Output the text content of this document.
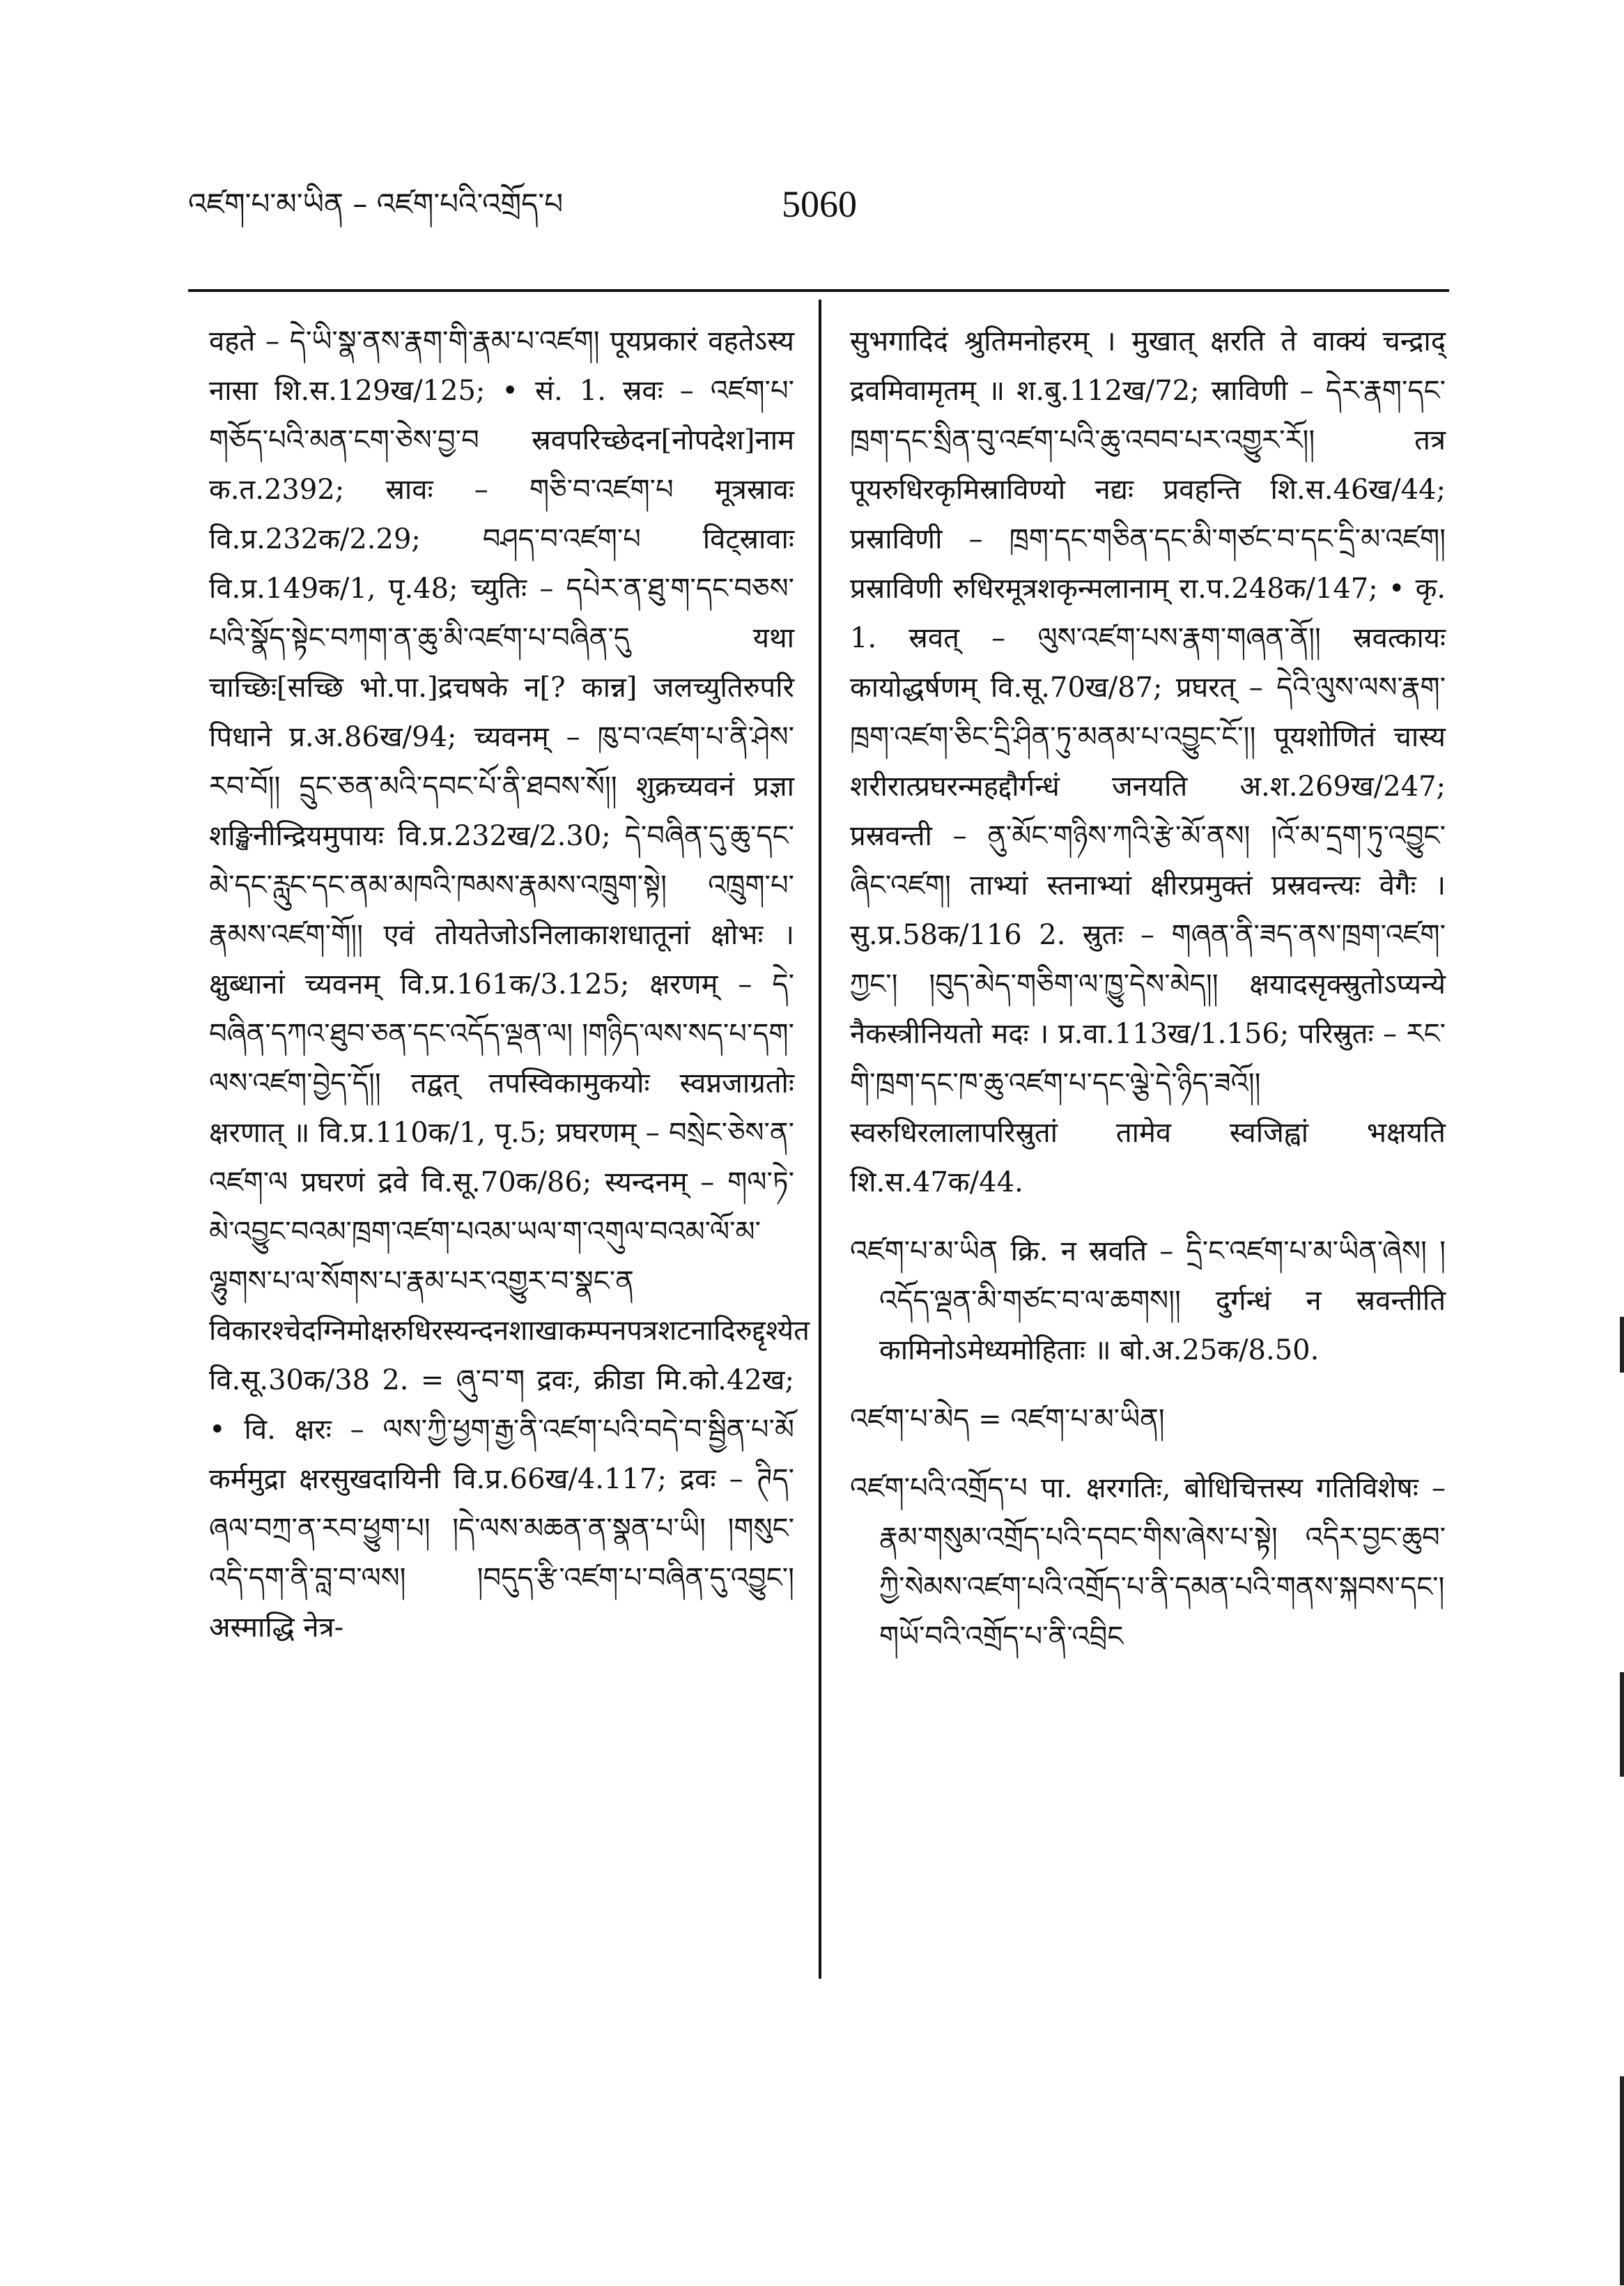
འཛག་པ་མ་ཡིན – འཛག་པའི་འགྲོད་པ	5060

वहते – དེ་ཡི་སྣ་ནས་རྣག་གི་རྣམ་པ་འཛག། पूयप्रकारं वहतेऽस्य नासा शि.स.129ख/125; • सं. 1. स्रवः – འཛག་པ་གཅོད་པའི་མན་ངག་ཅེས་བྱ་བ स्रवपरिच्छेदन[नोपदेश]नाम क.त.2392; स्रावः – གཅི་བ་འཛག་པ मूत्रस्रावः वि.प्र.232क/2.29; བཤད་བ་འཛག་པ विट्स्रावाः वि.प्र.149क/1, पृ.48; च्युतिः – དཔེར་ན་ཐུ་ག་དང་བཅས་པའི་སྣོད་སྟེང་བཀག་ན་ཆུ་མི་འཛག་པ་བཞིན་དུ यथा चाच्छिः[सच्छि भो.पा.]द्रचषके न[? कान्न] जलच्युतिरुपरि पिधाने प्र.अ.86ख/94; च्यवनम् – ཁུ་བ་འཛག་པ་ནི་ཤེས་རབ་བོ།། དྲུང་ཅན་མའི་དབང་པོ་ནི་ཐབས་སོ།། शुक्रच्यवनं प्रज्ञा शङ्खिनीन्द्रियमुपायः वि.प्र.232ख/2.30; དེ་བཞིན་དུ་ཆུ་དང་མེ་དང་རླུང་དང་ནམ་མཁའི་ཁམས་རྣམས་འཁྲུག་སྟེ། འཁྲུག་པ་རྣམས་འཛག་གོ།། एवं तोयतेजोऽनिलाकाशधातूनां क्षोभः । क्षुब्धानां च्यवनम् वि.प्र.161क/3.125; क्षरणम् – དེ་བཞིན་དཀའ་ཐུབ་ཅན་དང་འདོད་ལྡན་ལ། །གཉིད་ལས་སད་པ་དག་ལས་འཛག་བྱེད་དོ།། तद्वत् तपस्विकामुकयोः स्वप्नजाग्रतोः क्षरणात् ॥ वि.प्र.110क/1, पृ.5; प्रघरणम् – བསྲེང་ཅེས་ན་འཛག་ལ प्रघरणं द्रवे वि.सू.70क/86; स्यन्दनम् – གལ་ཏེ་མེ་འབྱུང་བའམ་ཁྲག་འཛག་པའམ་ཡལ་ག་འགུལ་བའམ་ལོ་མ་ལྷུགས་པ་ལ་སོགས་པ་རྣམ་པར་འགྱུར་བ་སྣང་ན विकारश्चेदग्निमोक्षरुधिरस्यन्दनशाखाकम्पनपत्रशटनादिरुद्दृश्येत वि.सू.30क/38 2. = ཞུ་བ་ག द्रवः, क्रीडा मि.को.42ख; • वि. क्षरः – ལས་ཀྱི་ཕྱག་རྒྱ་ནི་འཛག་པའི་བདེ་བ་སྦྱིན་པ་མོ कर्ममुद्रा क्षरसुखदायिनी वि.प्र.66ख/4.117; द्रवः – ཊིད་ཞལ་བཀྲ་ན་རབ་ཕྱུག་པ། །དེ་ལས་མཆན་ན་སྣན་པ་ཡི། །གསུང་འདི་དག་ནི་བླ་བ་ལས། །བདུད་རྩི་འཛག་པ་བཞིན་དུ་འབྱུང་། अस्माद्धि नेत्र-

सुभगादिदं श्रुतिमनोहरम् । मुखात् क्षरति ते वाक्यं चन्द्राद् द्रवमिवामृतम् ॥ श.बु.112ख/72; स्राविणी – དེར་རྣག་དང་ཁྲག་དང་སྲིན་བུ་འཛག་པའི་ཆུ་འབབ་པར་འགྱུར་རོ།། तत्र पूयरुधिरकृमिस्राविण्यो नद्यः प्रवहन्ति शि.स.46ख/44; प्रस्राविणी – ཁྲག་དང་གཅིན་དང་མི་གཙང་བ་དང་དྲི་མ་འཛག། प्रस्राविणी रुधिरमूत्रशकृन्मलानाम् रा.प.248क/147; • कृ. 1. स्रवत् – ལུས་འཛག་པས་རྣག་གཞན་ནོ།། स्रवत्कायः कायोद्धर्षणम् वि.सू.70ख/87; प्रघरत् – དེའི་ལུས་ལས་རྣག་ཁྲག་འཛག་ཅིང་དྲི་ཤིན་ཏུ་མནམ་པ་འབྱུང་ངོ་།། पूयशोणितं चास्य शरीरात्प्रघरन्महद्दौर्गन्धं जनयति अ.श.269ख/247; प्रस्रवन्ती – ནུ་མོང་གཉིས་ཀའི་རྩེ་མོ་ནས། །འོ་མ་དྲག་ཏུ་འབྱུང་ཞིང་འཛག། ताभ्यां स्तनाभ्यां क्षीरप्रमुक्तं प्रस्रवन्त्यः वेगैः । सु.प्र.58क/116 2. स्रुतः – གཞན་ནི་ཟད་ནས་ཁྲག་འཛག་ཀྱང་། །བུད་མེད་གཅིག་ལ་ཁྱུ་དེས་མེད།། क्षयादसृक्स्रुतोऽप्यन्ये नैकस्त्रीनियतो मदः । प्र.वा.113ख/1.156; परिस्रुतः – རང་གི་ཁྲག་དང་ཁ་ཆུ་འཛག་པ་དང་ལྕེ་དེ་ཉིད་ཟའོ།། स्वरुधिरलालापरिस्रुतां तामेव स्वजिह्वां भक्षयति शि.स.47क/44.

འཛག་པ་མ་ཡིན क्रि. न स्रवति – དྲི་ང་འཛག་པ་མ་ཡིན་ཞེས། །འདོད་ལྡན་མི་གཙང་བ་ལ་ཆགས།། दुर्गन्धं न स्रवन्तीति कामिनोऽमेध्यमोहिताः ॥ बो.अ.25क/8.50.

འཛག་པ་མེད = འཛག་པ་མ་ཡིན།

འཛག་པའི་འགྲོད་པ पा. क्षरगतिः, बोधिचित्तस्य गतिविशेषः – རྣམ་གསུམ་འགྲོད་པའི་དབང་གིས་ཞེས་པ་སྟེ། འདིར་བྱང་ཆུབ་ཀྱི་སེམས་འཛག་པའི་འགྲོད་པ་ནི་དམན་པའི་གནས་སྐབས་དང་། གཡོ་བའི་འགྲོད་པ་ནི་འབྲིང
